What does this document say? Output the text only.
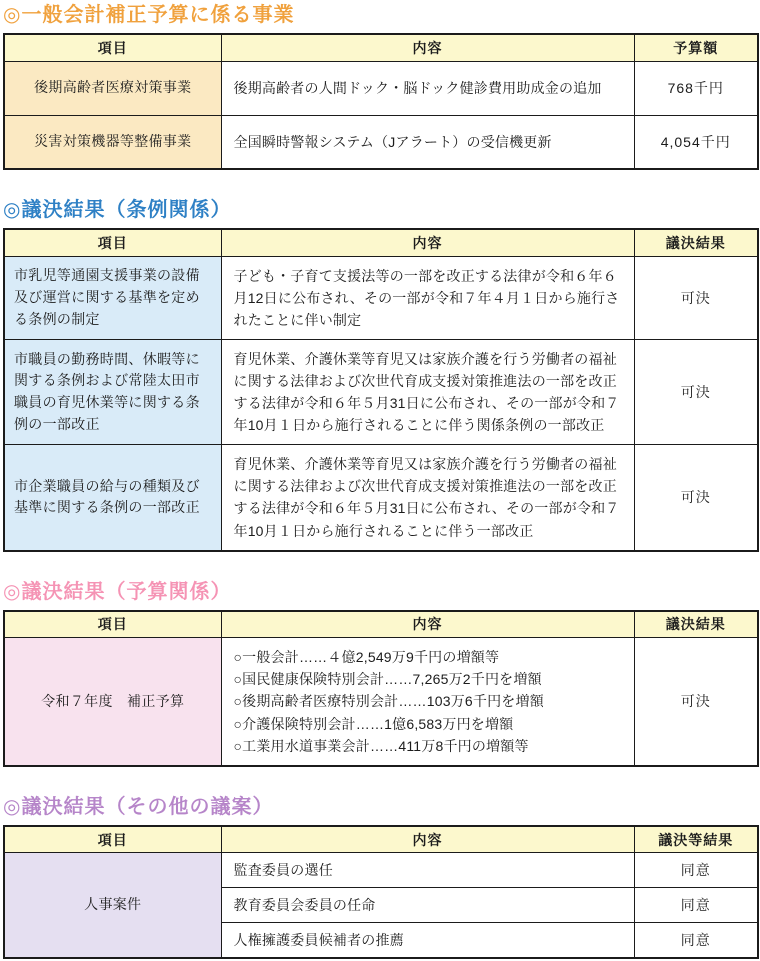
◎一般会計補正予算に係る事業
項目	内容	予算額
後期高齢者医療対策事業	後期高齢者の人間ドック・脳ドック健診費用助成金の追加	768千円
災害対策機器等整備事業	全国瞬時警報システム（Jアラート）の受信機更新	4,054千円
◎議決結果（条例関係）
項目	内容	議決結果
市乳児等通園支援事業の設備及び運営に関する基準を定める条例の制定	子ども・子育て支援法等の一部を改正する法律が令和６年６月12日に公布され、その一部が令和７年４月１日から施行されたことに伴い制定	可決
市職員の勤務時間、休暇等に関する条例および常陸太田市職員の育児休業等に関する条例の一部改正	育児休業、介護休業等育児又は家族介護を行う労働者の福祉に関する法律および次世代育成支援対策推進法の一部を改正する法律が令和６年５月31日に公布され、その一部が令和７年10月１日から施行されることに伴う関係条例の一部改正	可決
市企業職員の給与の種類及び基準に関する条例の一部改正	育児休業、介護休業等育児又は家族介護を行う労働者の福祉に関する法律および次世代育成支援対策推進法の一部を改正する法律が令和６年５月31日に公布され、その一部が令和７年10月１日から施行されることに伴う一部改正	可決
◎議決結果（予算関係）
項目	内容	議決結果
令和７年度　補正予算	○一般会計……４億2,549万9千円の増額等
○国民健康保険特別会計……7,265万2千円を増額
○後期高齢者医療特別会計……103万6千円を増額
○介護保険特別会計……1億6,583万円を増額
○工業用水道事業会計……411万8千円の増額等	可決
◎議決結果（その他の議案）
項目	内容	議決等結果
人事案件	監査委員の選任	同意
	教育委員会委員の任命	同意
	人権擁護委員候補者の推薦	同意
